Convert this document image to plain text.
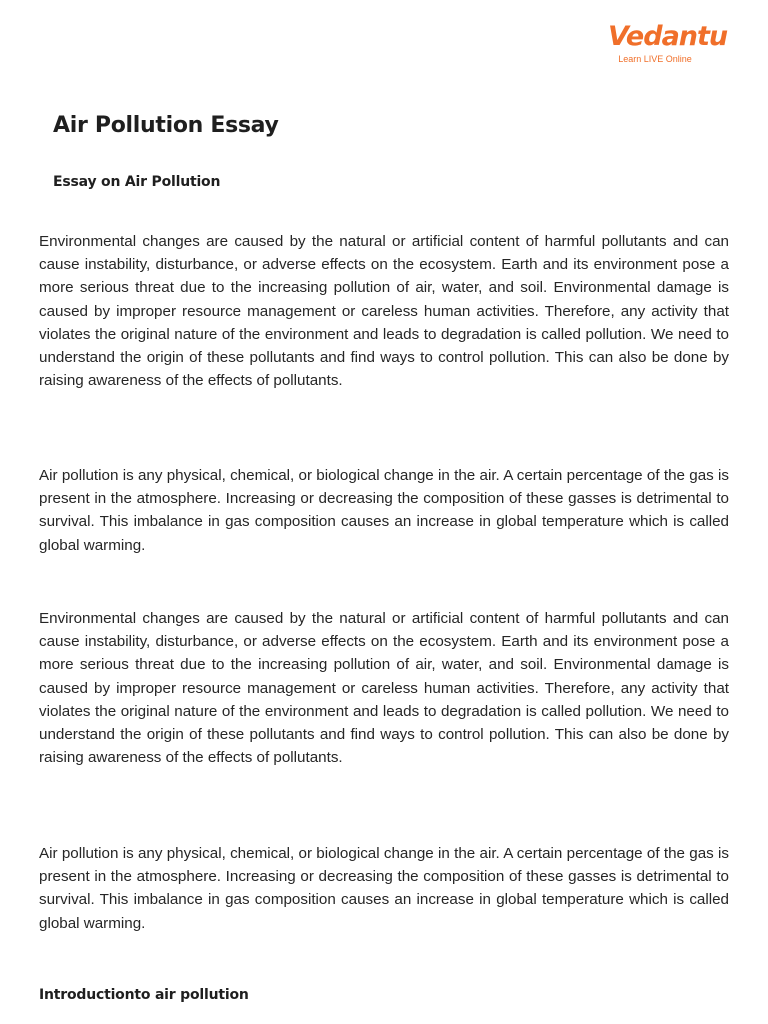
Vedantu
Learn LIVE Online
Air Pollution Essay
Essay on Air Pollution

Environmental changes are caused by the natural or artificial content of harmful pollutants and can cause instability, disturbance, or adverse effects on the ecosystem. Earth and its environment pose a more serious threat due to the increasing pollution of air, water, and soil. Environmental damage is caused by improper resource management or careless human activities. Therefore, any activity that violates the original nature of the environment and leads to degradation is called pollution. We need to understand the origin of these pollutants and find ways to control pollution. This can also be done by raising awareness of the effects of pollutants.

Air pollution is any physical, chemical, or biological change in the air. A certain percentage of the gas is present in the atmosphere. Increasing or decreasing the composition of these gasses is detrimental to survival. This imbalance in gas composition causes an increase in global temperature which is called global warming.

Environmental changes are caused by the natural or artificial content of harmful pollutants and can cause instability, disturbance, or adverse effects on the ecosystem. Earth and its environment pose a more serious threat due to the increasing pollution of air, water, and soil. Environmental damage is caused by improper resource management or careless human activities. Therefore, any activity that violates the original nature of the environment and leads to degradation is called pollution. We need to understand the origin of these pollutants and find ways to control pollution. This can also be done by raising awareness of the effects of pollutants.

Air pollution is any physical, chemical, or biological change in the air. A certain percentage of the gas is present in the atmosphere. Increasing or decreasing the composition of these gasses is detrimental to survival. This imbalance in gas composition causes an increase in global temperature which is called global warming.

Introductionto air pollution
